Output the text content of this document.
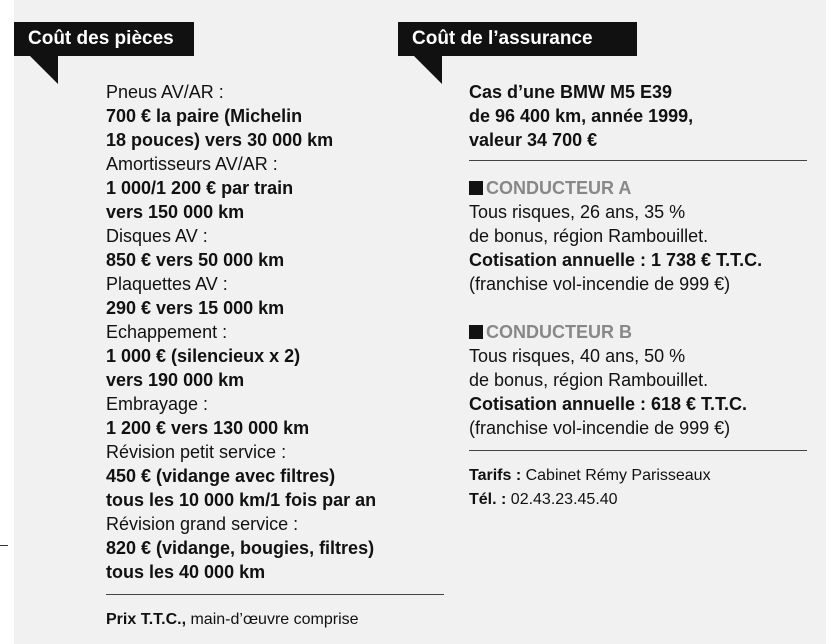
Coût des pièces	Coût de l’assurance
Pneus AV/AR :
700 € la paire (Michelin
18 pouces) vers 30 000 km
Amortisseurs AV/AR :
1 000/1 200 € par train
vers 150 000 km
Disques AV :
850 € vers 50 000 km
Plaquettes AV :
290 € vers 15 000 km
Echappement :
1 000 € (silencieux x 2)
vers 190 000 km
Embrayage :
1 200 € vers 130 000 km
Révision petit service :
450 € (vidange avec filtres)
tous les 10 000 km/1 fois par an
Révision grand service :
820 € (vidange, bougies, filtres)
tous les 40 000 km
Prix T.T.C., main-d’œuvre comprise
Cas d’une BMW M5 E39
de 96 400 km, année 1999,
valeur 34 700 €
CONDUCTEUR A
Tous risques, 26 ans, 35 %
de bonus, région Rambouillet.
Cotisation annuelle : 1 738 € T.T.C.
(franchise vol-incendie de 999 €)
CONDUCTEUR B
Tous risques, 40 ans, 50 %
de bonus, région Rambouillet.
Cotisation annuelle : 618 € T.T.C.
(franchise vol-incendie de 999 €)
Tarifs : Cabinet Rémy Parisseaux
Tél. : 02.43.23.45.40
